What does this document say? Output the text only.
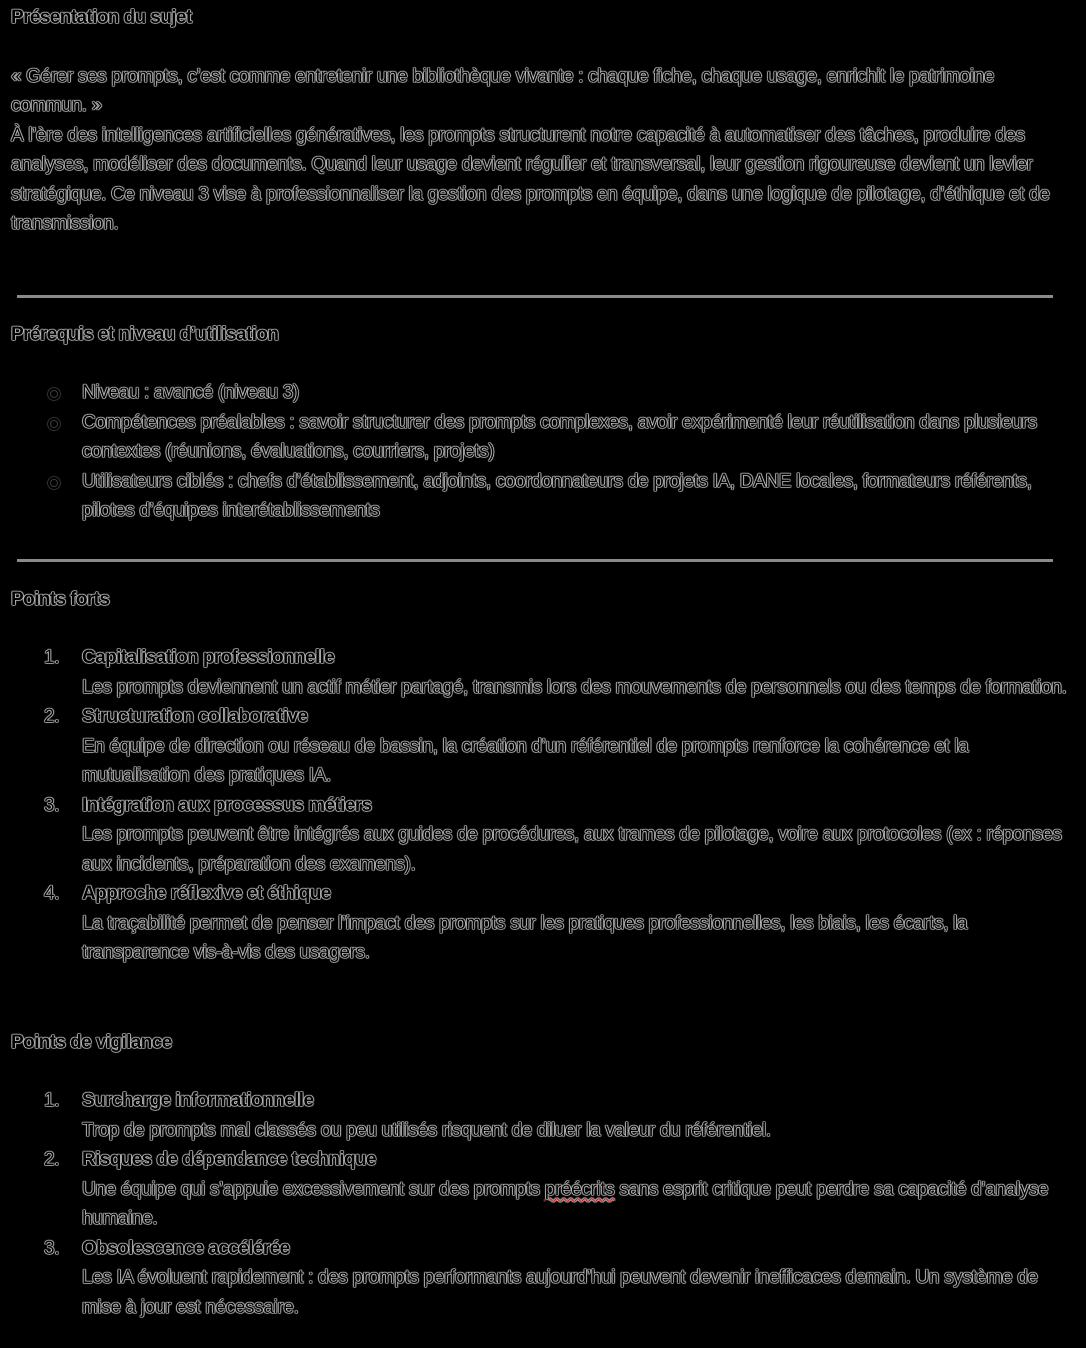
Présentation du sujet

« Gérer ses prompts, c’est comme entretenir une bibliothèque vivante : chaque fiche, chaque usage, enrichit le patrimoine commun. »

À l’ère des intelligences artificielles génératives, les prompts structurent notre capacité à automatiser des tâches, produire des analyses, modéliser des documents. Quand leur usage devient régulier et transversal, leur gestion rigoureuse devient un levier stratégique. Ce niveau 3 vise à professionnaliser la gestion des prompts en équipe, dans une logique de pilotage, d’éthique et de transmission.

Prérequis et niveau d’utilisation

Niveau : avancé (niveau 3)
Compétences préalables : savoir structurer des prompts complexes, avoir expérimenté leur réutilisation dans plusieurs contextes (réunions, évaluations, courriers, projets)
Utilisateurs ciblés : chefs d’établissement, adjoints, coordonnateurs de projets IA, DANE locales, formateurs référents, pilotes d’équipes interétablissements

Points forts

1. Capitalisation professionnelle
Les prompts deviennent un actif métier partagé, transmis lors des mouvements de personnels ou des temps de formation.
2. Structuration collaborative
En équipe de direction ou réseau de bassin, la création d’un référentiel de prompts renforce la cohérence et la mutualisation des pratiques IA.
3. Intégration aux processus métiers
Les prompts peuvent être intégrés aux guides de procédures, aux trames de pilotage, voire aux protocoles (ex : réponses aux incidents, préparation des examens).
4. Approche réflexive et éthique
La traçabilité permet de penser l’impact des prompts sur les pratiques professionnelles, les biais, les écarts, la transparence vis-à-vis des usagers.

Points de vigilance

1. Surcharge informationnelle
Trop de prompts mal classés ou peu utilisés risquent de diluer la valeur du référentiel.
2. Risques de dépendance technique
Une équipe qui s’appuie excessivement sur des prompts préécrits sans esprit critique peut perdre sa capacité d’analyse humaine.
3. Obsolescence accélérée
Les IA évoluent rapidement : des prompts performants aujourd’hui peuvent devenir inefficaces demain. Un système de mise à jour est nécessaire.
